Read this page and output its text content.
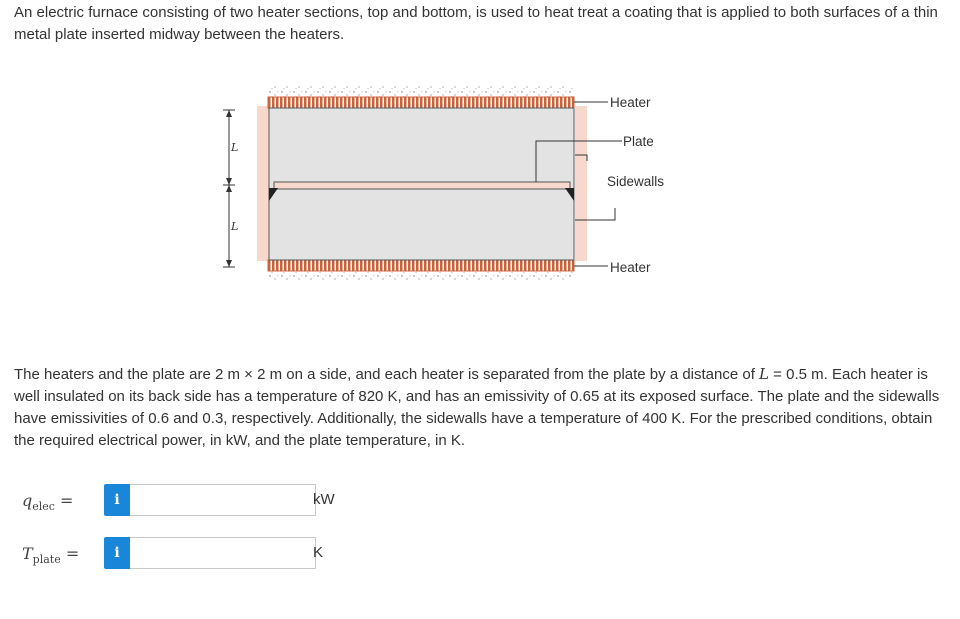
An electric furnace consisting of two heater sections, top and bottom, is used to heat treat a coating that is applied to both surfaces of a thin metal plate inserted midway between the heaters.

L
L
Heater
Plate
Sidewalls
Heater

The heaters and the plate are 2 m × 2 m on a side, and each heater is separated from the plate by a distance of L = 0.5 m. Each heater is well insulated on its back side has a temperature of 820 K, and has an emissivity of 0.65 at its exposed surface. The plate and the sidewalls have emissivities of 0.6 and 0.3, respectively. Additionally, the sidewalls have a temperature of 400 K. For the prescribed conditions, obtain the required electrical power, in kW, and the plate temperature, in K.

$q_{elec}$ =	i	kW
$T_{plate}$ =	i	K
